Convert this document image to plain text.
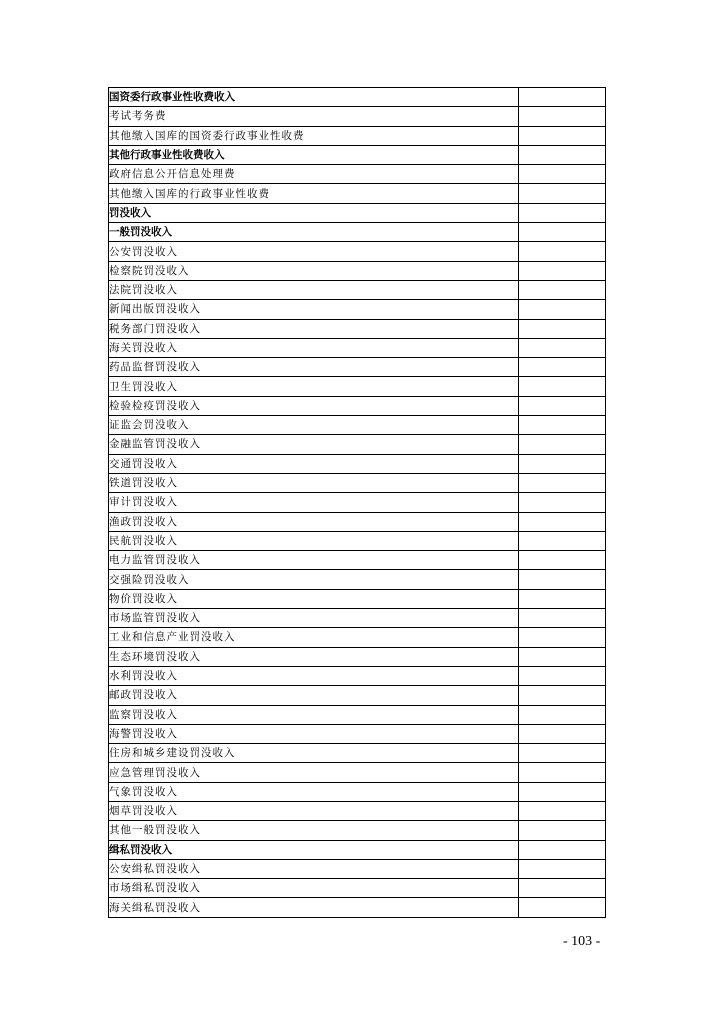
国资委行政事业性收费收入	
考试考务费	
其他缴入国库的国资委行政事业性收费	
其他行政事业性收费收入	
政府信息公开信息处理费	
其他缴入国库的行政事业性收费	
罚没收入	
一般罚没收入	
公安罚没收入	
检察院罚没收入	
法院罚没收入	
新闻出版罚没收入	
税务部门罚没收入	
海关罚没收入	
药品监督罚没收入	
卫生罚没收入	
检验检疫罚没收入	
证监会罚没收入	
金融监管罚没收入	
交通罚没收入	
铁道罚没收入	
审计罚没收入	
渔政罚没收入	
民航罚没收入	
电力监管罚没收入	
交强险罚没收入	
物价罚没收入	
市场监管罚没收入	
工业和信息产业罚没收入	
生态环境罚没收入	
水利罚没收入	
邮政罚没收入	
监察罚没收入	
海警罚没收入	
住房和城乡建设罚没收入	
应急管理罚没收入	
气象罚没收入	
烟草罚没收入	
其他一般罚没收入	
缉私罚没收入	
公安缉私罚没收入	
市场缉私罚没收入	
海关缉私罚没收入	
- 103 -
